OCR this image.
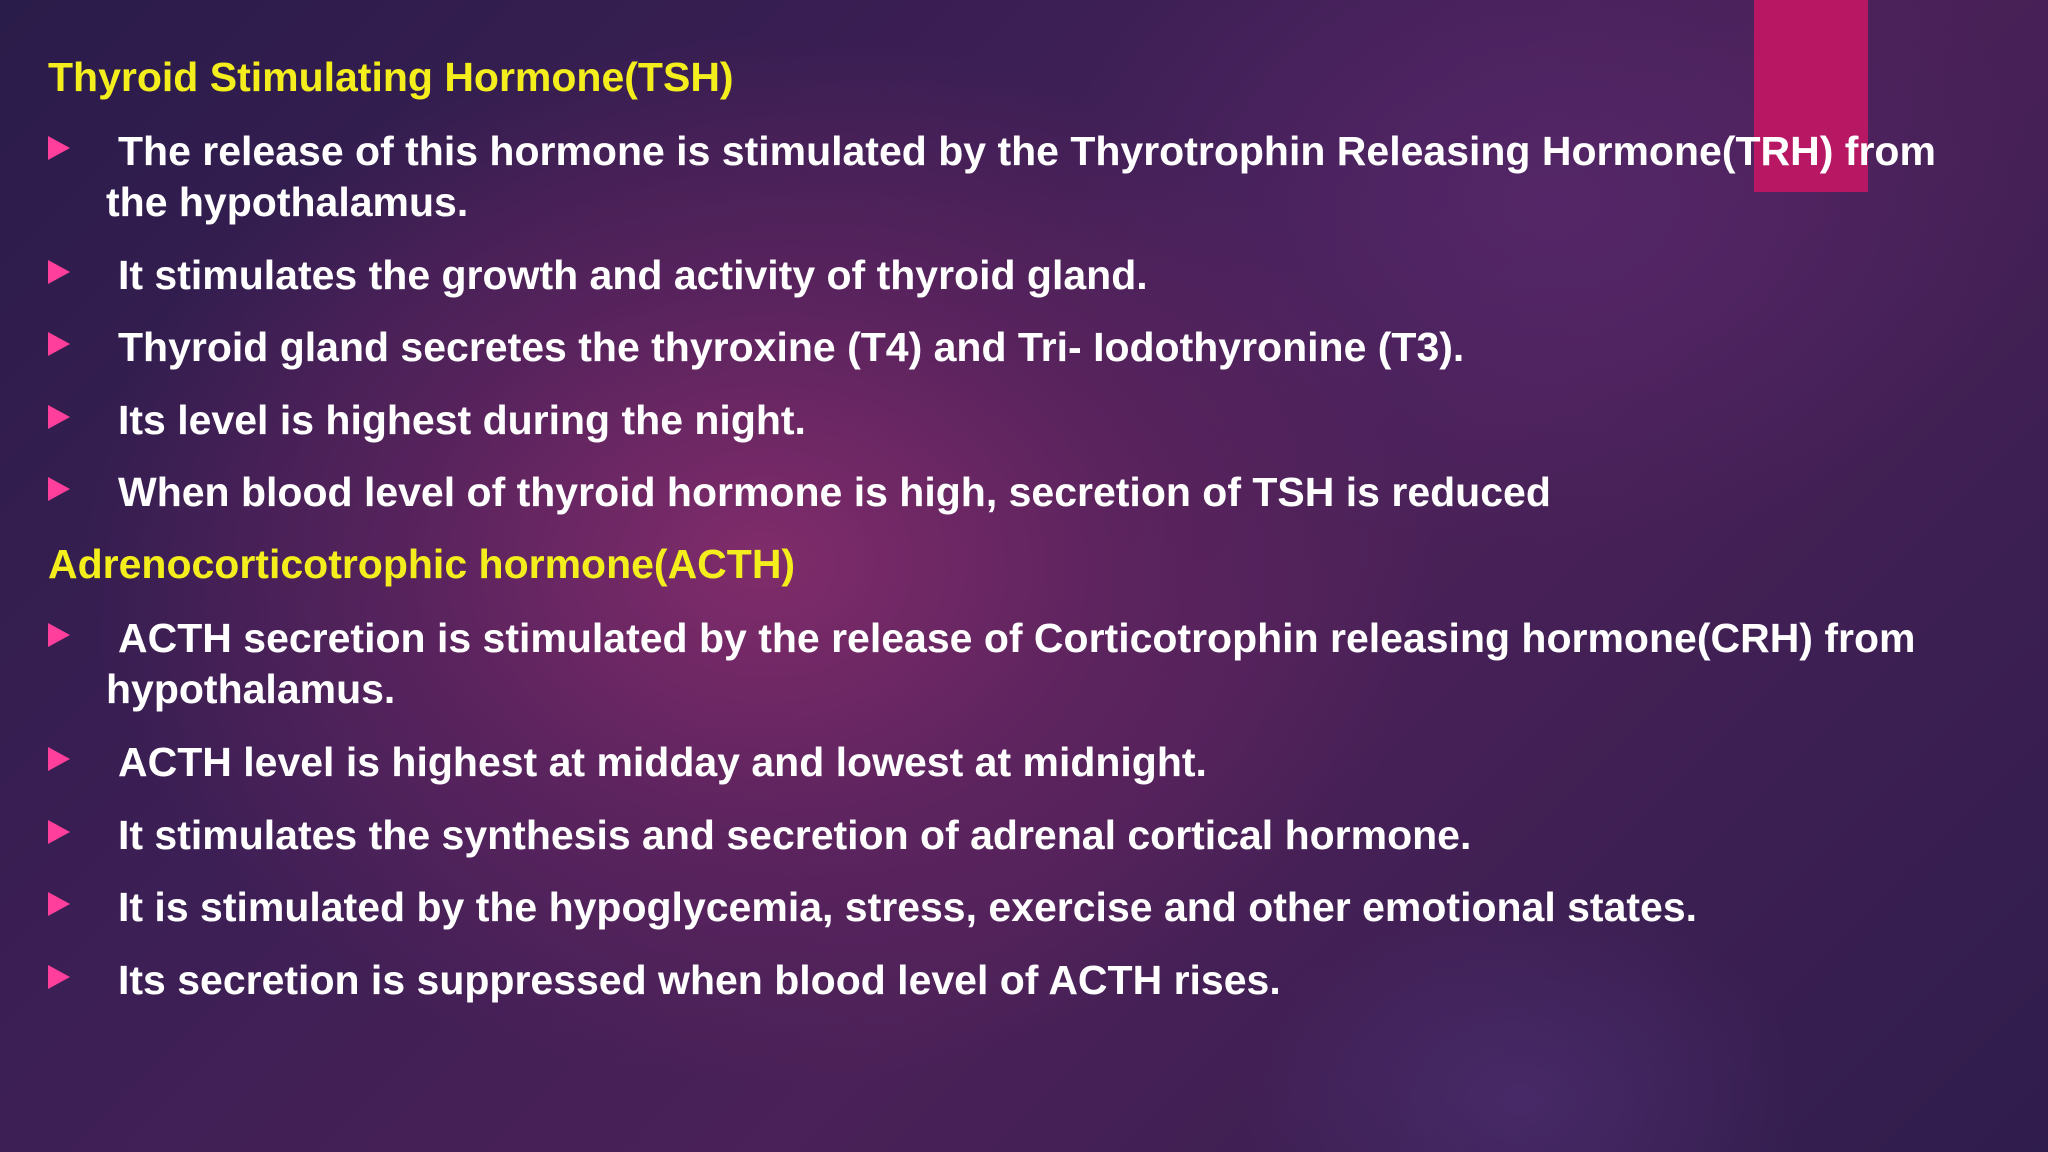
Thyroid Stimulating Hormone(TSH)
The release of this hormone is stimulated by the Thyrotrophin Releasing Hormone(TRH) from the hypothalamus.
It stimulates the growth and activity of thyroid gland.
Thyroid gland secretes the thyroxine (T4) and Tri- Iodothyronine (T3).
Its level is highest during the night.
When blood level of thyroid hormone is high, secretion of TSH is reduced
Adrenocorticotrophic hormone(ACTH)
ACTH secretion is stimulated by the release of Corticotrophin releasing hormone(CRH) from hypothalamus.
ACTH level is highest at midday and lowest at midnight.
It stimulates the synthesis and secretion of adrenal cortical hormone.
It is stimulated by the hypoglycemia, stress, exercise and other emotional states.
Its secretion is suppressed when blood level of ACTH rises.
